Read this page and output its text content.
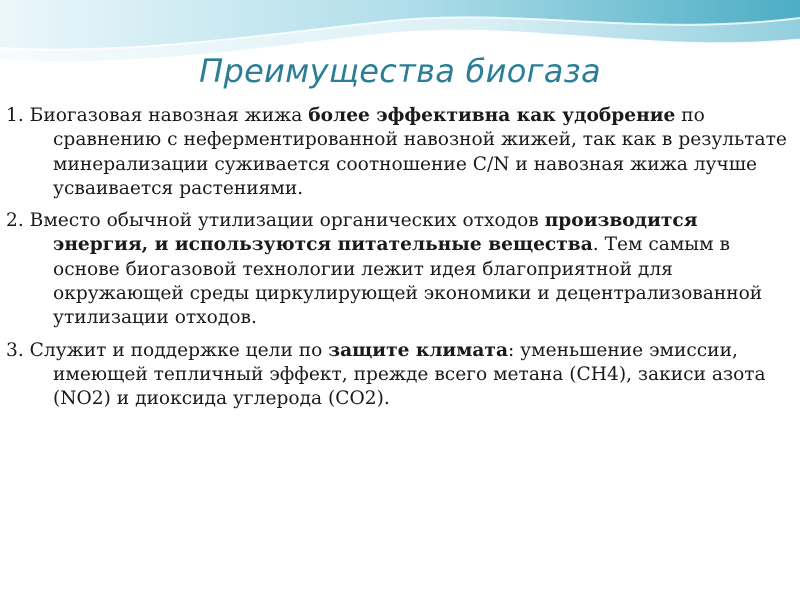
Преимущества биогаза

1. Биогазовая навозная жижа более эффективна как удобрение по сравнению с неферментированной навозной жижей, так как в результате минерализации суживается соотношение C/N и навозная жижа лучше усваивается растениями.

2. Вместо обычной утилизации органических отходов производится энергия, и используются питательные вещества. Тем самым в основе биогазовой технологии лежит идея благоприятной для окружающей среды циркулирующей экономики и децентрализованной утилизации отходов.

3. Служит и поддержке цели по защите климата: уменьшение эмиссии, имеющей тепличный эффект, прежде всего метана (CH4), закиси азота (NO2) и диоксида углерода (CO2).
